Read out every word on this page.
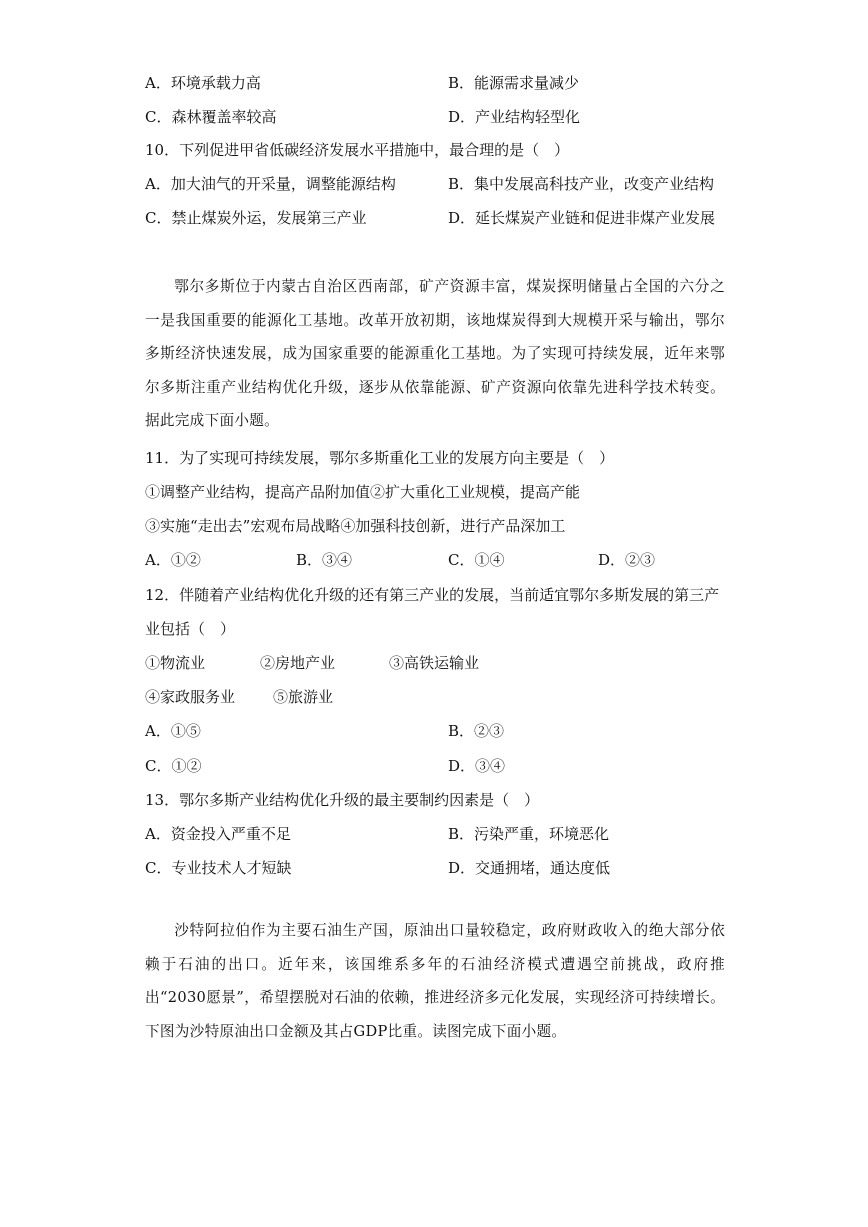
A．环境承载力高	B．能源需求量减少
C．森林覆盖率较高	D．产业结构轻型化
10．下列促进甲省低碳经济发展水平措施中，最合理的是（　）
A．加大油气的开采量，调整能源结构	B．集中发展高科技产业，改变产业结构
C．禁止煤炭外运，发展第三产业	D．延长煤炭产业链和促进非煤产业发展
鄂尔多斯位于内蒙古自治区西南部，矿产资源丰富，煤炭探明储量占全国的六分之一是我国重要的能源化工基地。改革开放初期，该地煤炭得到大规模开采与输出，鄂尔多斯经济快速发展，成为国家重要的能源重化工基地。为了实现可持续发展，近年来鄂尔多斯注重产业结构优化升级，逐步从依靠能源、矿产资源向依靠先进科学技术转变。据此完成下面小题。
11．为了实现可持续发展，鄂尔多斯重化工业的发展方向主要是（　）
①调整产业结构，提高产品附加值②扩大重化工业规模，提高产能
③实施“走出去”宏观布局战略④加强科技创新，进行产品深加工
A．①②	B．③④	C．①④	D．②③
12．伴随着产业结构优化升级的还有第三产业的发展，当前适宜鄂尔多斯发展的第三产
业包括（　）
①物流业	②房地产业	③高铁运输业
④家政服务业	⑤旅游业
A．①⑤	B．②③
C．①②	D．③④
13．鄂尔多斯产业结构优化升级的最主要制约因素是（　）
A．资金投入严重不足	B．污染严重，环境恶化
C．专业技术人才短缺	D．交通拥堵，通达度低
沙特阿拉伯作为主要石油生产国，原油出口量较稳定，政府财政收入的绝大部分依赖于石油的出口。近年来，该国维系多年的石油经济模式遭遇空前挑战，政府推出“2030愿景”，希望摆脱对石油的依赖，推进经济多元化发展，实现经济可持续增长。下图为沙特原油出口金额及其占GDP比重。读图完成下面小题。
